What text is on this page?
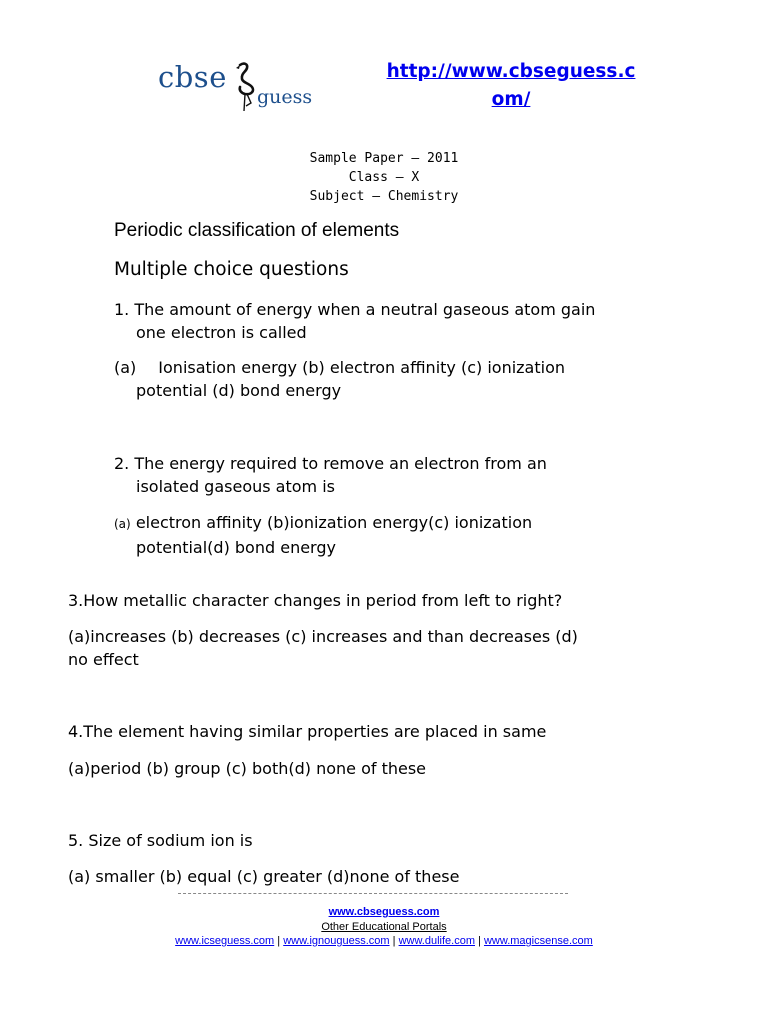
cbse
guess
http://www.cbseguess.c
om/
Sample Paper – 2011
Class – X
Subject – Chemistry
Periodic classification of elements
Multiple choice questions
1. The amount of energy when a neutral gaseous atom gain
one electron is called
(a) Ionisation energy (b) electron affinity (c) ionization
potential (d) bond energy
2. The energy required to remove an electron from an
isolated gaseous atom is
(a) electron affinity (b)ionization energy(c) ionization
potential(d) bond energy
3.How metallic character changes in period from left to right?
(a)increases (b) decreases (c) increases and than decreases (d)
no effect
4.The element having similar properties are placed in same
(a)period (b) group (c) both(d) none of these
5. Size of sodium ion is
(a) smaller (b) equal (c) greater (d)none of these
www.cbseguess.com
Other Educational Portals
www.icseguess.com | www.ignouguess.com | www.dulife.com | www.magicsense.com
